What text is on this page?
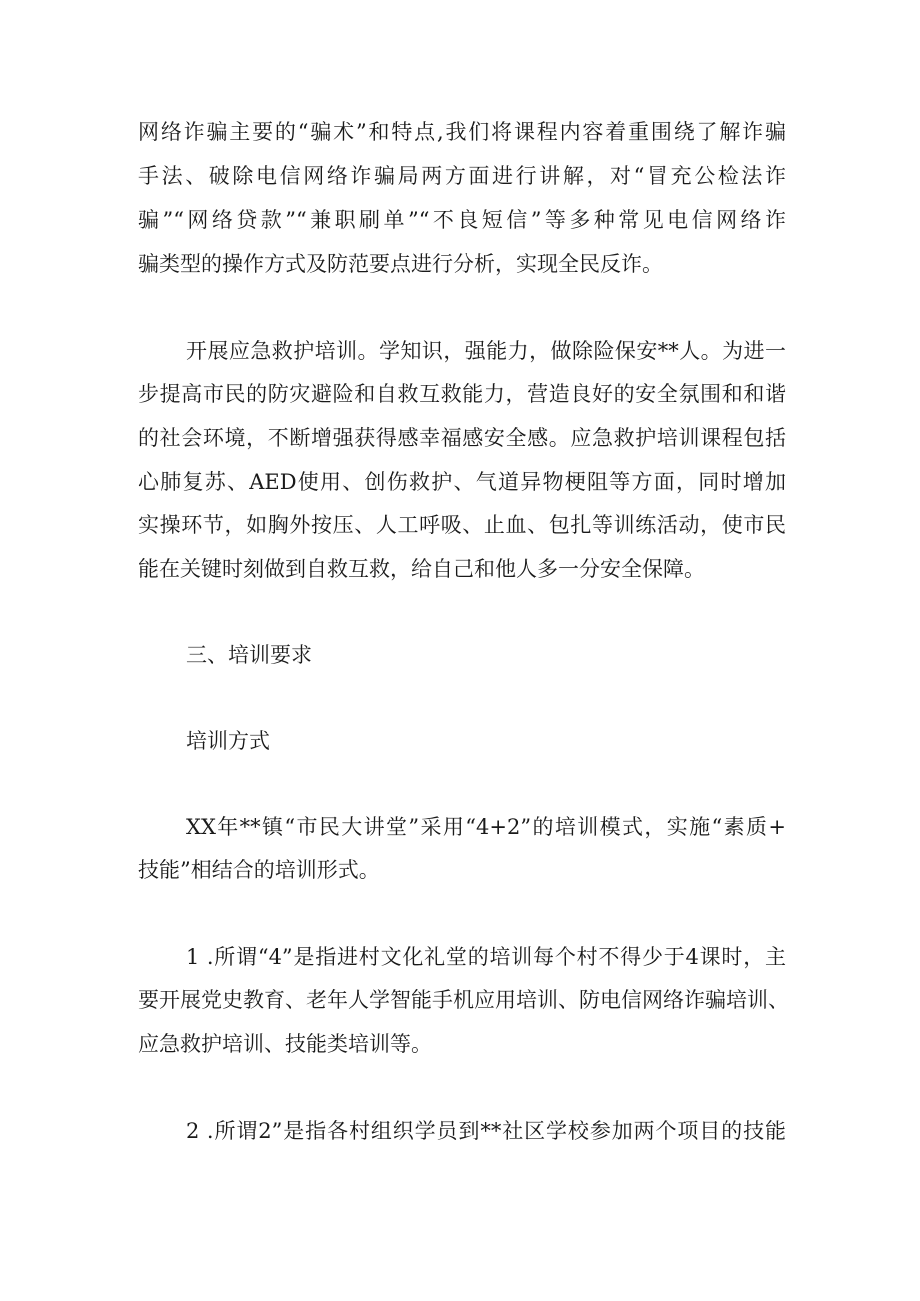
网络诈骗主要的“骗术”和特点,我们将课程内容着重围绕了解诈骗
手法、破除电信网络诈骗局两方面进行讲解，对“冒充公检法诈
骗”“网络贷款”“兼职刷单”“不良短信”等多种常见电信网络诈
骗类型的操作方式及防范要点进行分析，实现全民反诈。
开展应急救护培训。学知识，强能力，做除险保安**人。为进一
步提高市民的防灾避险和自救互救能力，营造良好的安全氛围和和谐
的社会环境，不断增强获得感幸福感安全感。应急救护培训课程包括
心肺复苏、AED使用、创伤救护、气道异物梗阻等方面，同时增加
实操环节，如胸外按压、人工呼吸、止血、包扎等训练活动，使市民
能在关键时刻做到自救互救，给自己和他人多一分安全保障。
三、培训要求
培训方式
XX年**镇“市民大讲堂”采用“4+2”的培训模式，实施“素质+
技能”相结合的培训形式。
1 .所谓“4”是指进村文化礼堂的培训每个村不得少于4课时，主
要开展党史教育、老年人学智能手机应用培训、防电信网络诈骗培训、
应急救护培训、技能类培训等。
2 .所谓2”是指各村组织学员到**社区学校参加两个项目的技能
